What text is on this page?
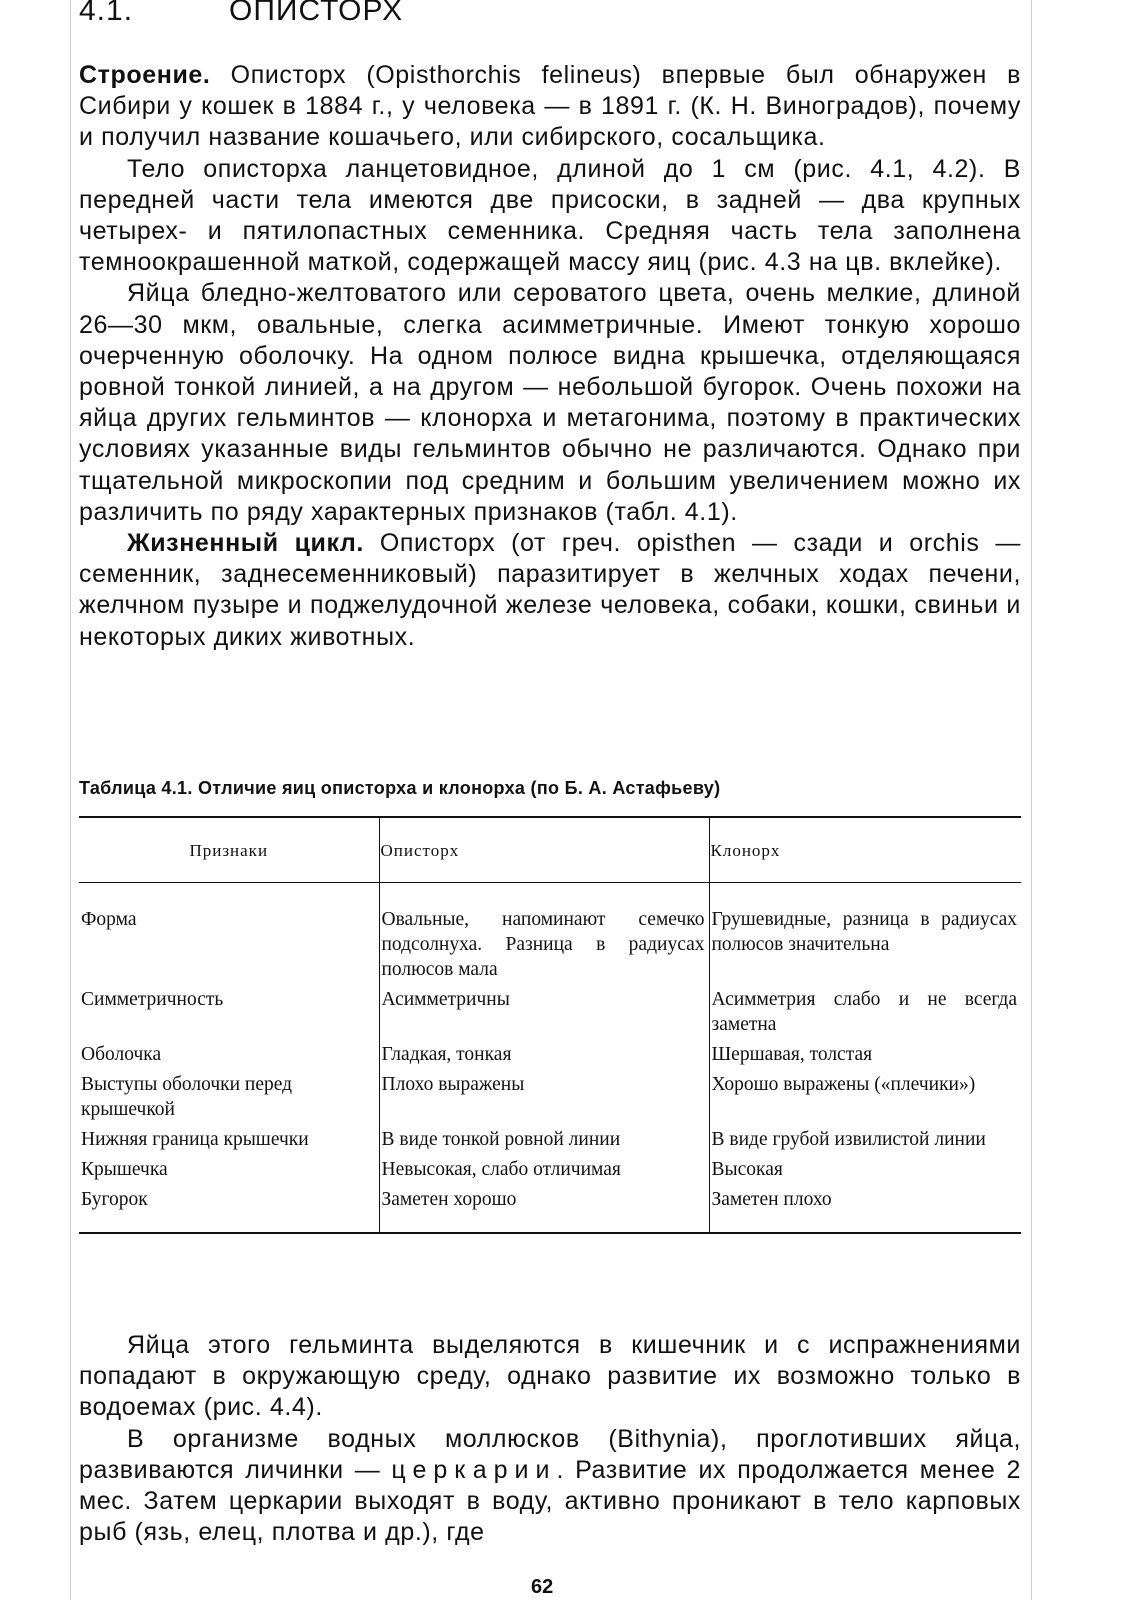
4.1.	ОПИСТОРХ

Строение. Описторх (Opisthorchis felineus) впервые был обнаружен в Сибири у кошек в 1884 г., у человека — в 1891 г. (К. Н. Виноградов), почему и получил название кошачьего, или сибирского, сосальщика.

Тело описторха ланцетовидное, длиной до 1 см (рис. 4.1, 4.2). В передней части тела имеются две присоски, в задней — два крупных четырех- и пятилопастных семенника. Средняя часть тела заполнена темноокрашенной маткой, содержащей массу яиц (рис. 4.3 на цв. вклейке).

Яйца бледно-желтоватого или сероватого цвета, очень мелкие, длиной 26—30 мкм, овальные, слегка асимметричные. Имеют тонкую хорошо очерченную оболочку. На одном полюсе видна крышечка, отделяющаяся ровной тонкой линией, а на другом — небольшой бугорок. Очень похожи на яйца других гельминтов — клонорха и метагонима, поэтому в практических условиях указанные виды гельминтов обычно не различаются. Однако при тщательной микроскопии под средним и большим увеличением можно их различить по ряду характерных признаков (табл. 4.1).

Жизненный цикл. Описторх (от греч. opisthen — сзади и orchis — семенник, заднесеменниковый) паразитирует в желчных ходах печени, желчном пузыре и поджелудочной железе человека, собаки, кошки, свиньи и некоторых диких животных.

Таблица 4.1. Отличие яиц описторха и клонорха (по Б. А. Астафьеву)
Признаки	Описторх	Клонорх
Форма	Овальные, напоминают семечко подсолнуха. Разница в радиусах полюсов мала	Грушевидные, разница в радиусах полюсов значительна
Симметричность	Асимметричны	Асимметрия слабо и не всегда заметна
Оболочка	Гладкая, тонкая	Шершавая, толстая
Выступы оболочки перед крышечкой	Плохо выражены	Хорошо выражены («плечики»)
Нижняя граница крышечки	В виде тонкой ровной линии	В виде грубой извилистой линии
Крышечка	Невысокая, слабо отличимая	Высокая
Бугорок	Заметен хорошо	Заметен плохо

Яйца этого гельминта выделяются в кишечник и с испражнениями попадают в окружающую среду, однако развитие их возможно только в водоемах (рис. 4.4).

В организме водных моллюсков (Bithynia), проглотивших яйца, развиваются личинки — церкарии. Развитие их продолжается менее 2 мес. Затем церкарии выходят в воду, активно проникают в тело карповых рыб (язь, елец, плотва и др.), где

62
